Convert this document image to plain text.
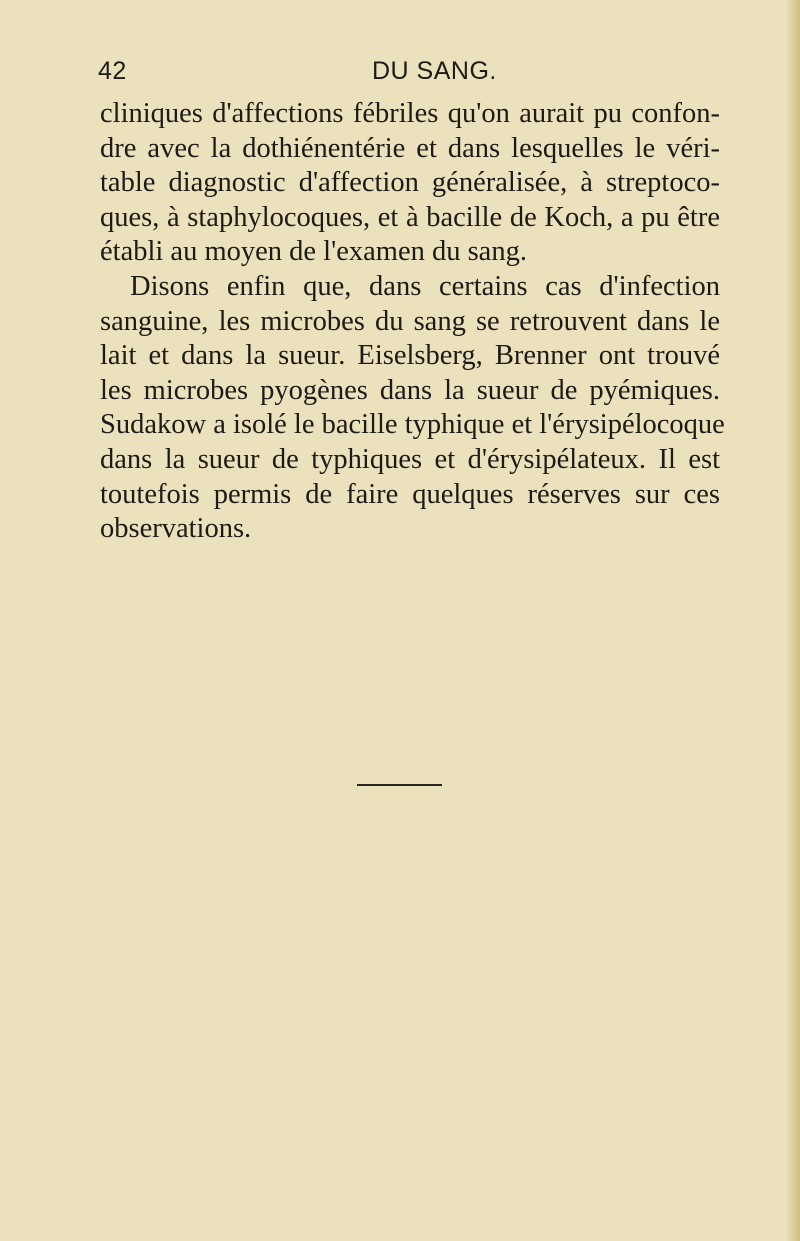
42	DU SANG.
cliniques d'affections fébriles qu'on aurait pu confon-
dre avec la dothiénentérie et dans lesquelles le véri-
table diagnostic d'affection généralisée, à streptoco-
ques, à staphylocoques, et à bacille de Koch, a pu être
établi au moyen de l'examen du sang.
Disons enfin que, dans certains cas d'infection
sanguine, les microbes du sang se retrouvent dans le
lait et dans la sueur. Eiselsberg, Brenner ont trouvé
les microbes pyogènes dans la sueur de pyémiques.
Sudakow a isolé le bacille typhique et l'érysipélocoque
dans la sueur de typhiques et d'érysipélateux. Il est
toutefois permis de faire quelques réserves sur ces
observations.
